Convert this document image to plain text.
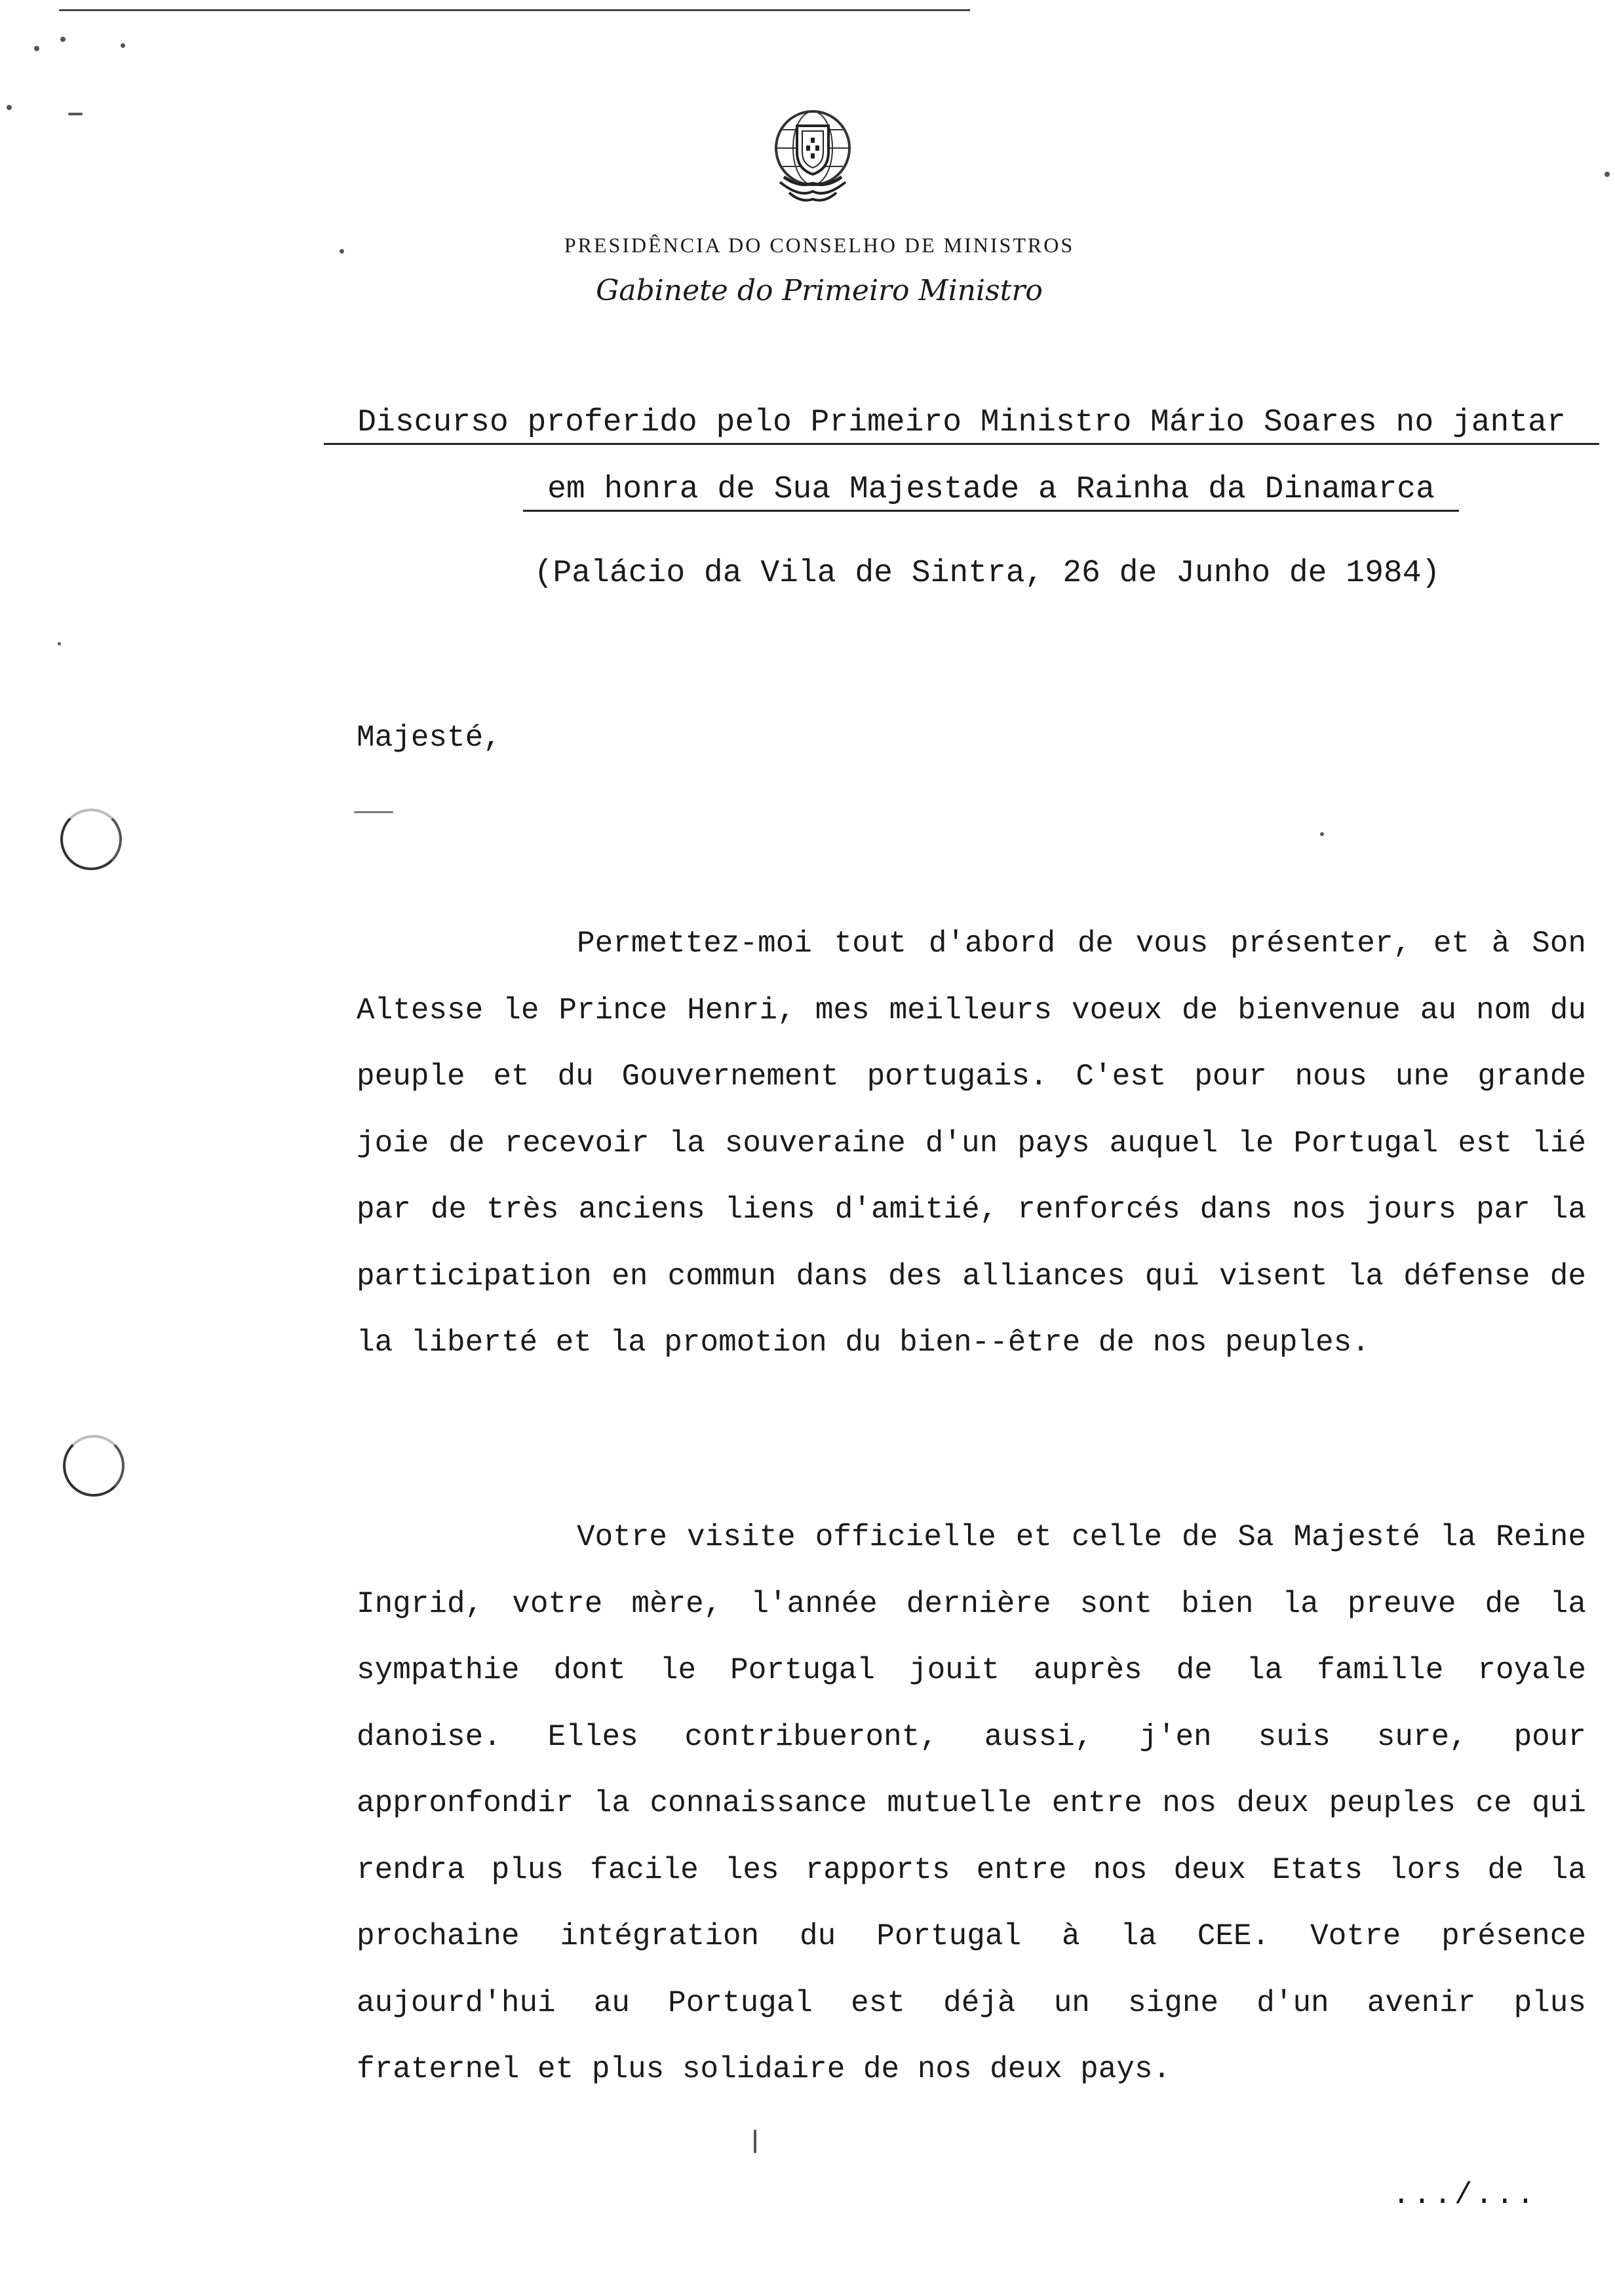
PRESIDÊNCIA DO CONSELHO DE MINISTROS
Gabinete do Primeiro Ministro
Discurso proferido pelo Primeiro Ministro Mário Soares no jantar
em honra de Sua Majestade a Rainha da Dinamarca
(Palácio da Vila de Sintra, 26 de Junho de 1984)
Majesté,
Permettez-moi tout d'abord de vous présenter, et à Son Altesse le Prince Henri, mes meilleurs voeux de bienvenue au nom du peuple et du Gouvernement portugais. C'est pour nous une grande joie de recevoir la souveraine d'un pays auquel le Portugal est lié par de très anciens liens d'amitié, renforcés dans nos jours par la participation en commun dans des alliances qui visent la défense de la liberté et la promotion du bien--être de nos peuples.
Votre visite officielle et celle de Sa Majesté la Reine Ingrid, votre mère, l'année dernière sont bien la preuve de la sympathie dont le Portugal jouit auprès de la famille royale danoise. Elles contribueront, aussi, j'en suis sure, pour appronfondir la connaissance mutuelle entre nos deux peuples ce qui rendra plus facile les rapports entre nos deux Etats lors de la prochaine intégration du Portugal à la CEE. Votre présence aujourd'hui au Portugal est déjà un signe d'un avenir plus fraternel et plus solidaire de nos deux pays.
.../...
